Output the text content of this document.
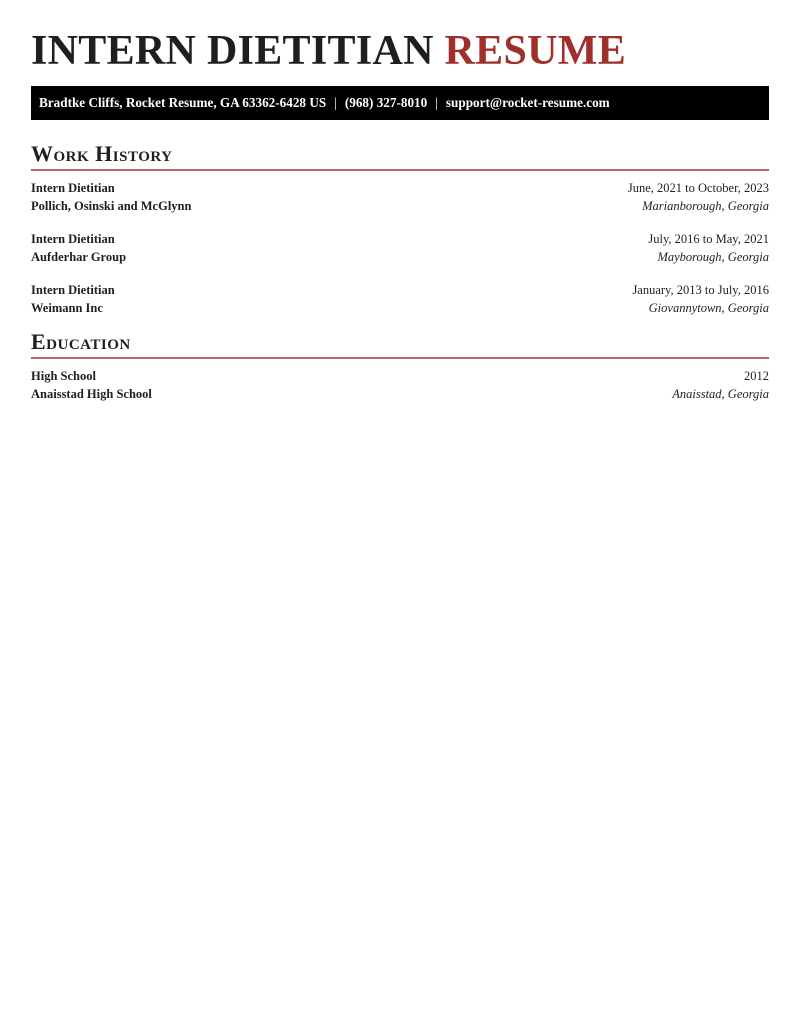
INTERN DIETITIAN RESUME
Bradtke Cliffs, Rocket Resume, GA 63362-6428 US | (968) 327-8010 | support@rocket-resume.com
Work History
Intern Dietitian	June, 2021 to October, 2023
Pollich, Osinski and McGlynn	Marianborough, Georgia
Intern Dietitian	July, 2016 to May, 2021
Aufderhar Group	Mayborough, Georgia
Intern Dietitian	January, 2013 to July, 2016
Weimann Inc	Giovannytown, Georgia
Education
High School	2012
Anaisstad High School	Anaisstad, Georgia
